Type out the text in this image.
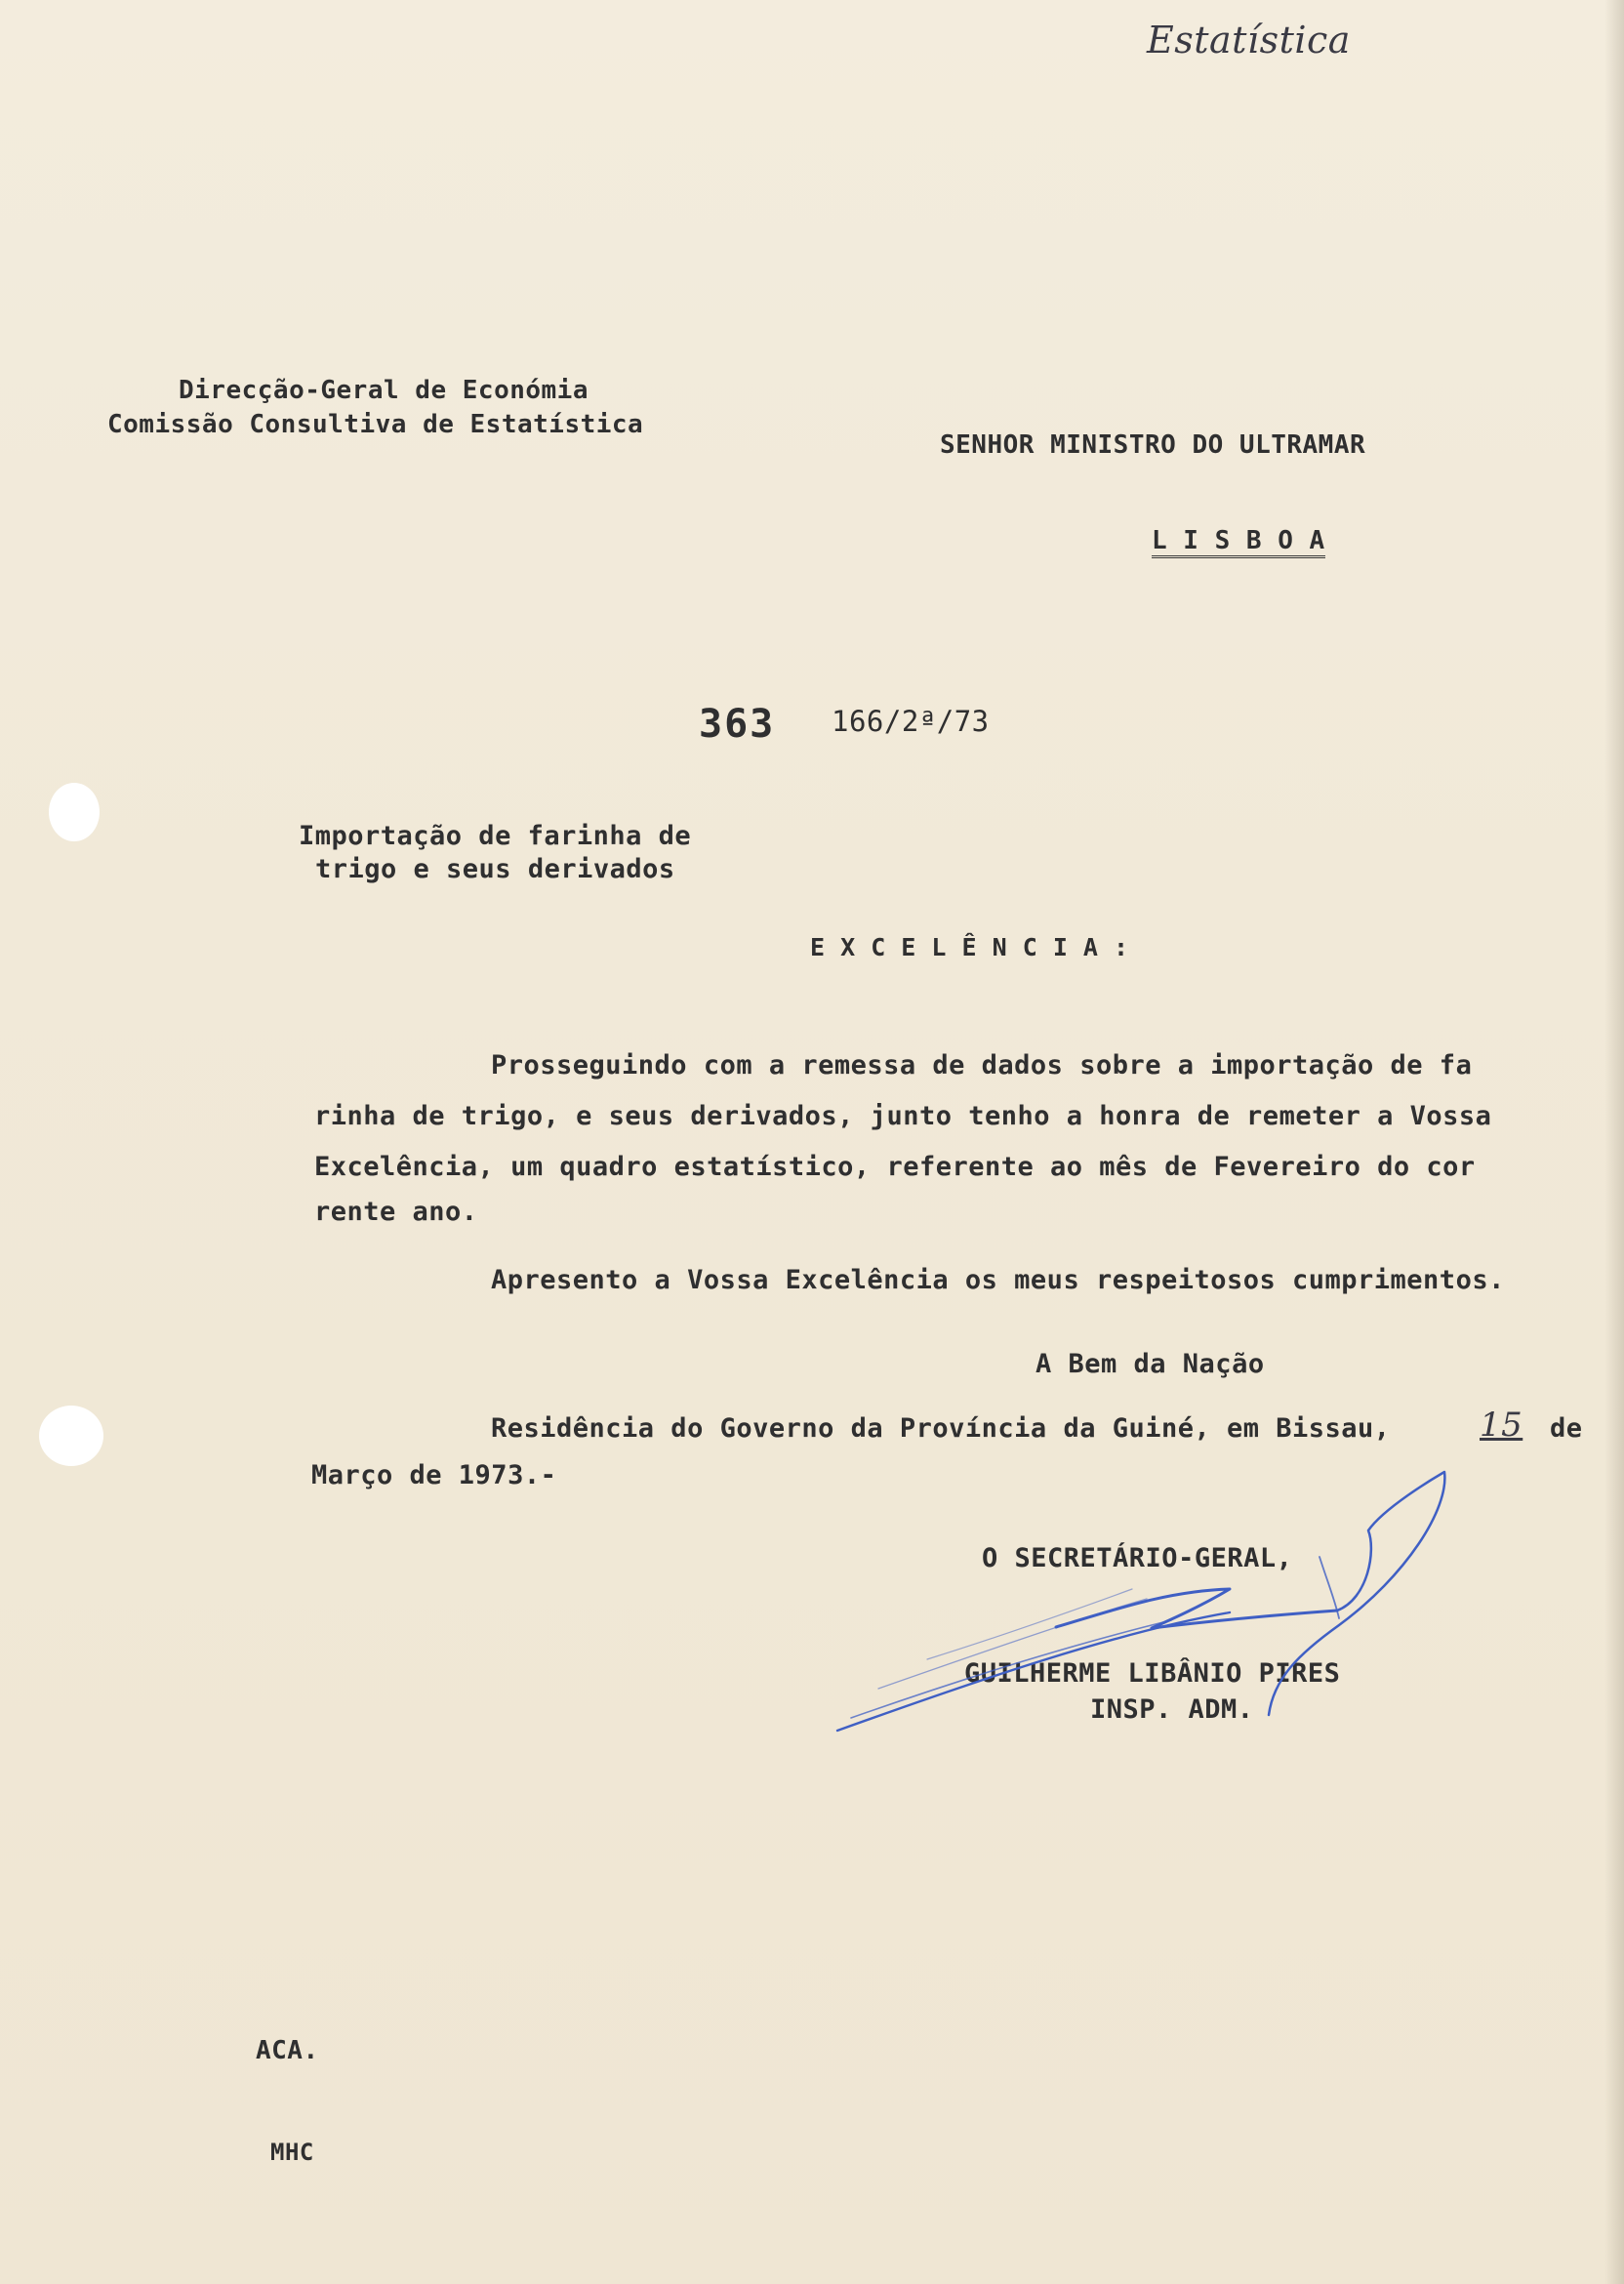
Estatística
Direcção-Geral de Económia
Comissão Consultiva de Estatística
SENHOR MINISTRO DO ULTRAMAR
L I S B O A
363 166/2ª/73
Importação de farinha de
trigo e seus derivados
E X C E L Ê N C I A :
Prosseguindo com a remessa de dados sobre a importação de fa
rinha de trigo, e seus derivados, junto tenho a honra de remeter a Vossa
Excelência, um quadro estatístico, referente ao mês de Fevereiro do cor
rente ano.
Apresento a Vossa Excelência os meus respeitosos cumprimentos.
A Bem da Nação
Residência do Governo da Província da Guiné, em Bissau,	15 de
Março de 1973.-
O SECRETÁRIO-GERAL,
GUILHERME LIBÂNIO PIRES
INSP. ADM.
ACA.
MHC
